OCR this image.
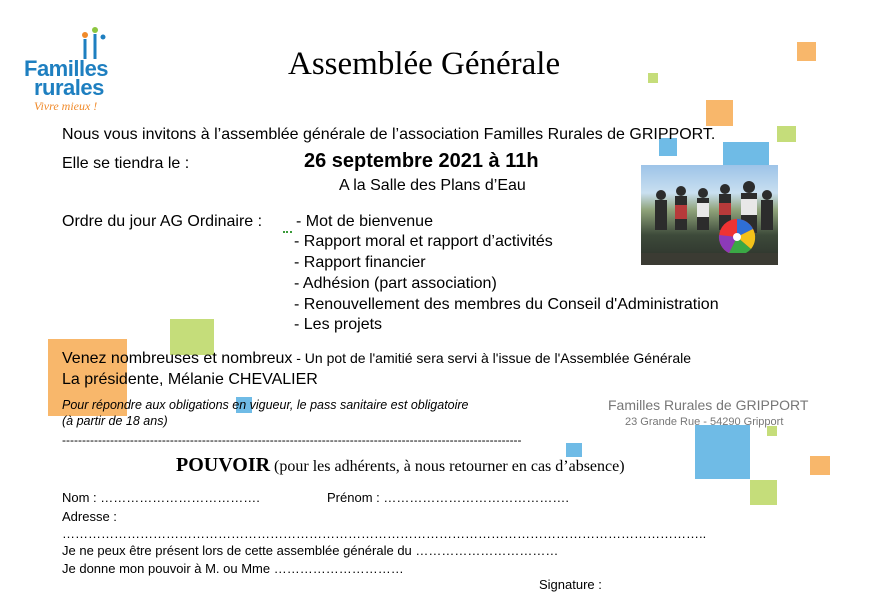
Familles
rurales
Vivre mieux !
Assemblée Générale
Nous vous invitons à l’assemblée générale de l’association Familles Rurales de GRIPPORT.
Elle se tiendra le :	26 septembre 2021 à 11h
A la Salle des Plans d’Eau
Ordre du jour AG Ordinaire : - Mot de bienvenue
- Rapport moral et rapport d’activités
- Rapport financier
- Adhésion (part association)
- Renouvellement des membres du Conseil d'Administration
- Les projets
Venez nombreuses et nombreux - Un pot de l'amitié sera servi à l'issue de l'Assemblée Générale
La présidente, Mélanie CHEVALIER
Pour répondre aux obligations en vigueur, le pass sanitaire est obligatoire
(à partir de 18 ans)
Familles Rurales de GRIPPORT
23 Grande Rue - 54290 Gripport
-------------------------------------------------------------------------------------------------------------------
POUVOIR (pour les adhérents, à nous retourner en cas d’absence)
Nom : ……………………………….	Prénom : …………………………………….
Adresse :
…………………………………………………………………………………………………………………………………..
Je ne peux être présent lors de cette assemblée générale du ……………………………
Je donne mon pouvoir à M. ou Mme …………………………
Signature :
